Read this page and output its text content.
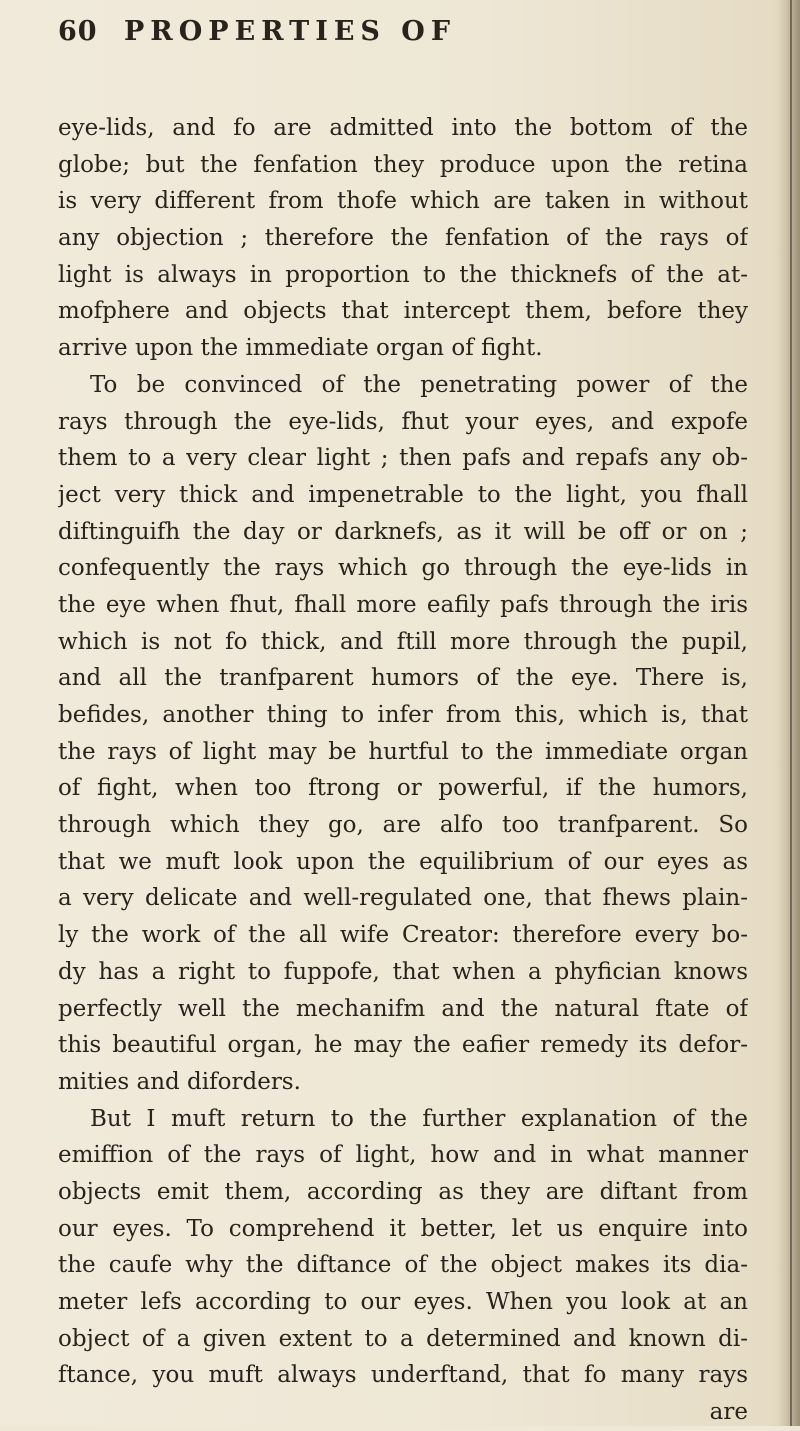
60 PROPERTIES OF
eye-lids, and fo are admitted into the bottom of the
globe; but the fenfation they produce upon the retina
is very different from thofe which are taken in without
any objection ; therefore the fenfation of the rays of
light is always in proportion to the thicknefs of the at-
mofphere and objects that intercept them, before they
arrive upon the immediate organ of fight.
To be convinced of the penetrating power of the
rays through the eye-lids, fhut your eyes, and expofe
them to a very clear light ; then pafs and repafs any ob-
ject very thick and impenetrable to the light, you fhall
diftinguifh the day or darknefs, as it will be off or on ;
confequently the rays which go through the eye-lids in
the eye when fhut, fhall more eafily pafs through the iris
which is not fo thick, and ftill more through the pupil,
and all the tranfparent humors of the eye. There is,
befides, another thing to infer from this, which is, that
the rays of light may be hurtful to the immediate organ
of fight, when too ftrong or powerful, if the humors,
through which they go, are alfo too tranfparent. So
that we muft look upon the equilibrium of our eyes as
a very delicate and well-regulated one, that fhews plain-
ly the work of the all wife Creator: therefore every bo-
dy has a right to fuppofe, that when a phyfician knows
perfectly well the mechanifm and the natural ftate of
this beautiful organ, he may the eafier remedy its defor-
mities and diforders.
But I muft return to the further explanation of the
emiffion of the rays of light, how and in what manner
objects emit them, according as they are diftant from
our eyes. To comprehend it better, let us enquire into
the caufe why the diftance of the object makes its dia-
meter lefs according to our eyes. When you look at an
object of a given extent to a determined and known di-
ftance, you muft always underftand, that fo many rays
are
